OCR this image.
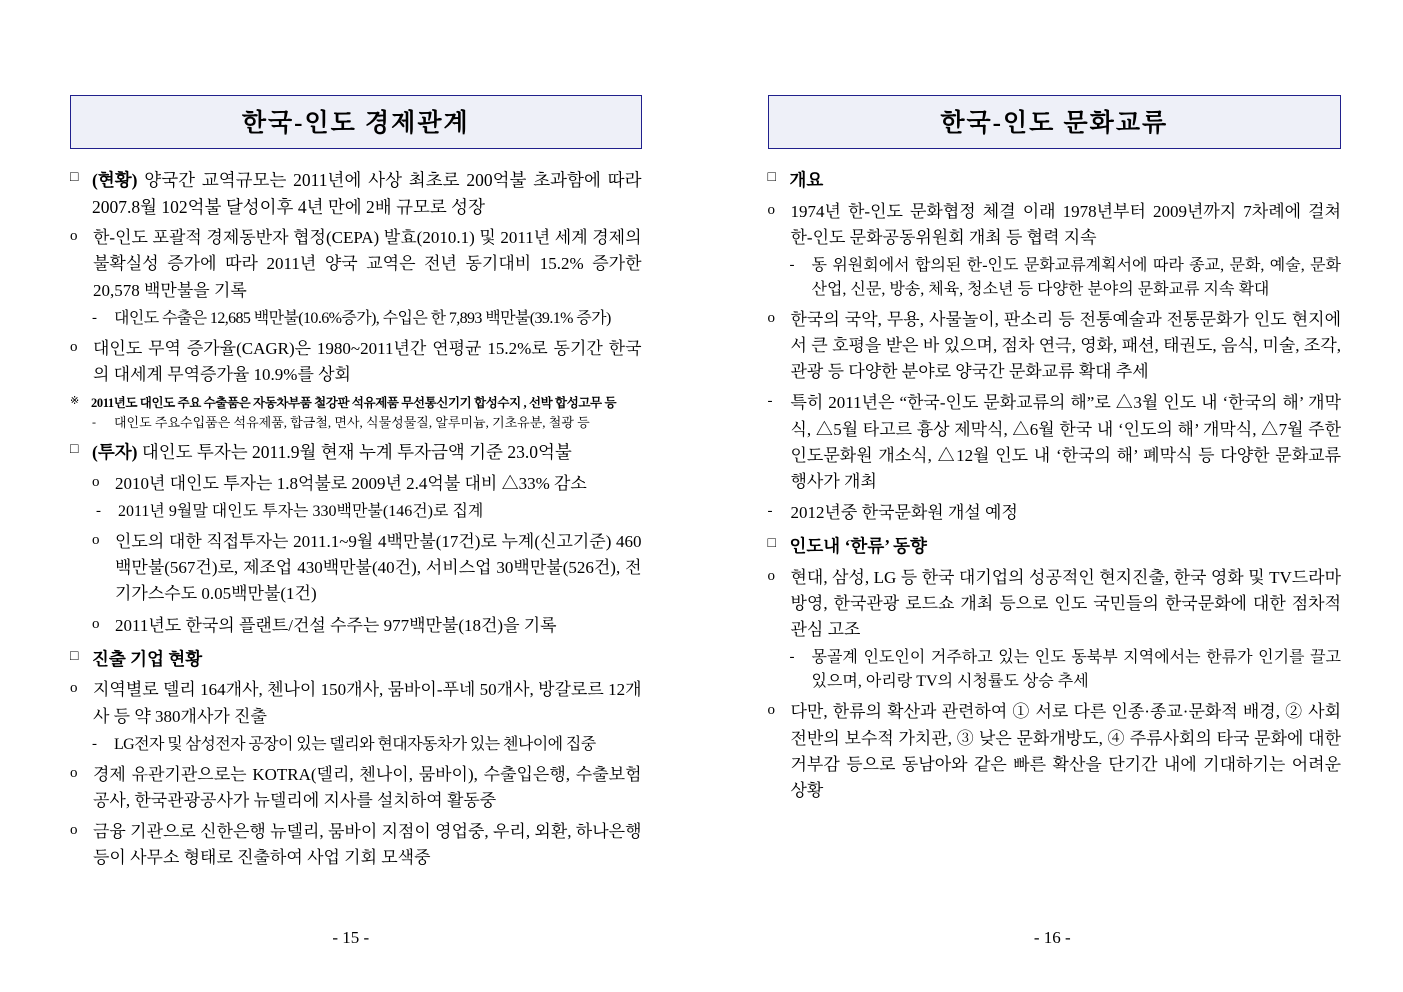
한국-인도 경제관계
□ (현황) 양국간 교역규모는 2011년에 사상 최초로 200억불 초과함에 따라 2007.8월 102억불 달성이후 4년 만에 2배 규모로 성장
o 한-인도 포괄적 경제동반자 협정(CEPA) 발효(2010.1) 및 2011년 세계 경제의 불확실성 증가에 따라 2011년 양국 교역은 전년 동기대비 15.2% 증가한 20,578 백만불을 기록
-	대인도 수출은 12,685 백만불(10.6%증가), 수입은 한 7,893 백만불(39.1% 증가)
o 대인도 무역 증가율(CAGR)은 1980~2011년간 연평균 15.2%로 동기간 한국의 대세계 무역증가율 10.9%를 상회
※ 2011년도 대인도 주요 수출품은 자동차부품 철강판 석유제품 무선통신기기 합성수지 , 선박 합성고무 등
-	대인도 주요수입품은 석유제품, 합금철, 면사, 식물성물질, 알루미늄, 기초유분, 철광 등
□ (투자) 대인도 투자는 2011.9월 현재 누계 투자금액 기준 23.0억불
o 2010년 대인도 투자는 1.8억불로 2009년 2.4억불 대비 △33% 감소
-	2011년 9월말 대인도 투자는 330백만불(146건)로 집계
o 인도의 대한 직접투자는 2011.1~9월 4백만불(17건)로 누계(신고기준) 460백만불(567건)로, 제조업 430백만불(40건), 서비스업 30백만불(526건), 전기가스수도 0.05백만불(1건)
o 2011년도 한국의 플랜트/건설 수주는 977백만불(18건)을 기록
□ 진출 기업 현황
o 지역별로 델리 164개사, 첸나이 150개사, 뭄바이-푸네 50개사, 방갈로르 12개사 등 약 380개사가 진출
-	LG전자 및 삼성전자 공장이 있는 델리와 현대자동차가 있는 첸나이에 집중
o 경제 유관기관으로는 KOTRA(델리, 첸나이, 뭄바이), 수출입은행, 수출보험공사, 한국관광공사가 뉴델리에 지사를 설치하여 활동중
o 금융 기관으로 신한은행 뉴델리, 뭄바이 지점이 영업중, 우리, 외환, 하나은행 등이 사무소 형태로 진출하여 사업 기회 모색중
- 15 -
한국-인도 문화교류
□ 개요
o 1974년 한-인도 문화협정 체결 이래 1978년부터 2009년까지 7차례에 걸쳐 한-인도 문화공동위원회 개최 등 협력 지속
-	동 위원회에서 합의된 한-인도 문화교류계획서에 따라 종교, 문화, 예술, 문화산업, 신문, 방송, 체육, 청소년 등 다양한 분야의 문화교류 지속 확대
o 한국의 국악, 무용, 사물놀이, 판소리 등 전통예술과 전통문화가 인도 현지에서 큰 호평을 받은 바 있으며, 점차 연극, 영화, 패션, 태권도, 음식, 미술, 조각, 관광 등 다양한 분야로 양국간 문화교류 확대 추세
-	특히 2011년은 “한국-인도 문화교류의 해”로 △3월 인도 내 ‘한국의 해’ 개막식, △5월 타고르 흉상 제막식, △6월 한국 내 ‘인도의 해’ 개막식, △7월 주한인도문화원 개소식, △12월 인도 내 ‘한국의 해’ 폐막식 등 다양한 문화교류행사가 개최
-	2012년중 한국문화원 개설 예정
□ 인도내 ‘한류’ 동향
o 현대, 삼성, LG 등 한국 대기업의 성공적인 현지진출, 한국 영화 및 TV드라마 방영, 한국관광 로드쇼 개최 등으로 인도 국민들의 한국문화에 대한 점차적 관심 고조
-	몽골계 인도인이 거주하고 있는 인도 동북부 지역에서는 한류가 인기를 끌고 있으며, 아리랑 TV의 시청률도 상승 추세
o 다만, 한류의 확산과 관련하여 ① 서로 다른 인종·종교·문화적 배경, ② 사회전반의 보수적 가치관, ③ 낮은 문화개방도, ④ 주류사회의 타국 문화에 대한 거부감 등으로 동남아와 같은 빠른 확산을 단기간 내에 기대하기는 어려운 상황
- 16 -
